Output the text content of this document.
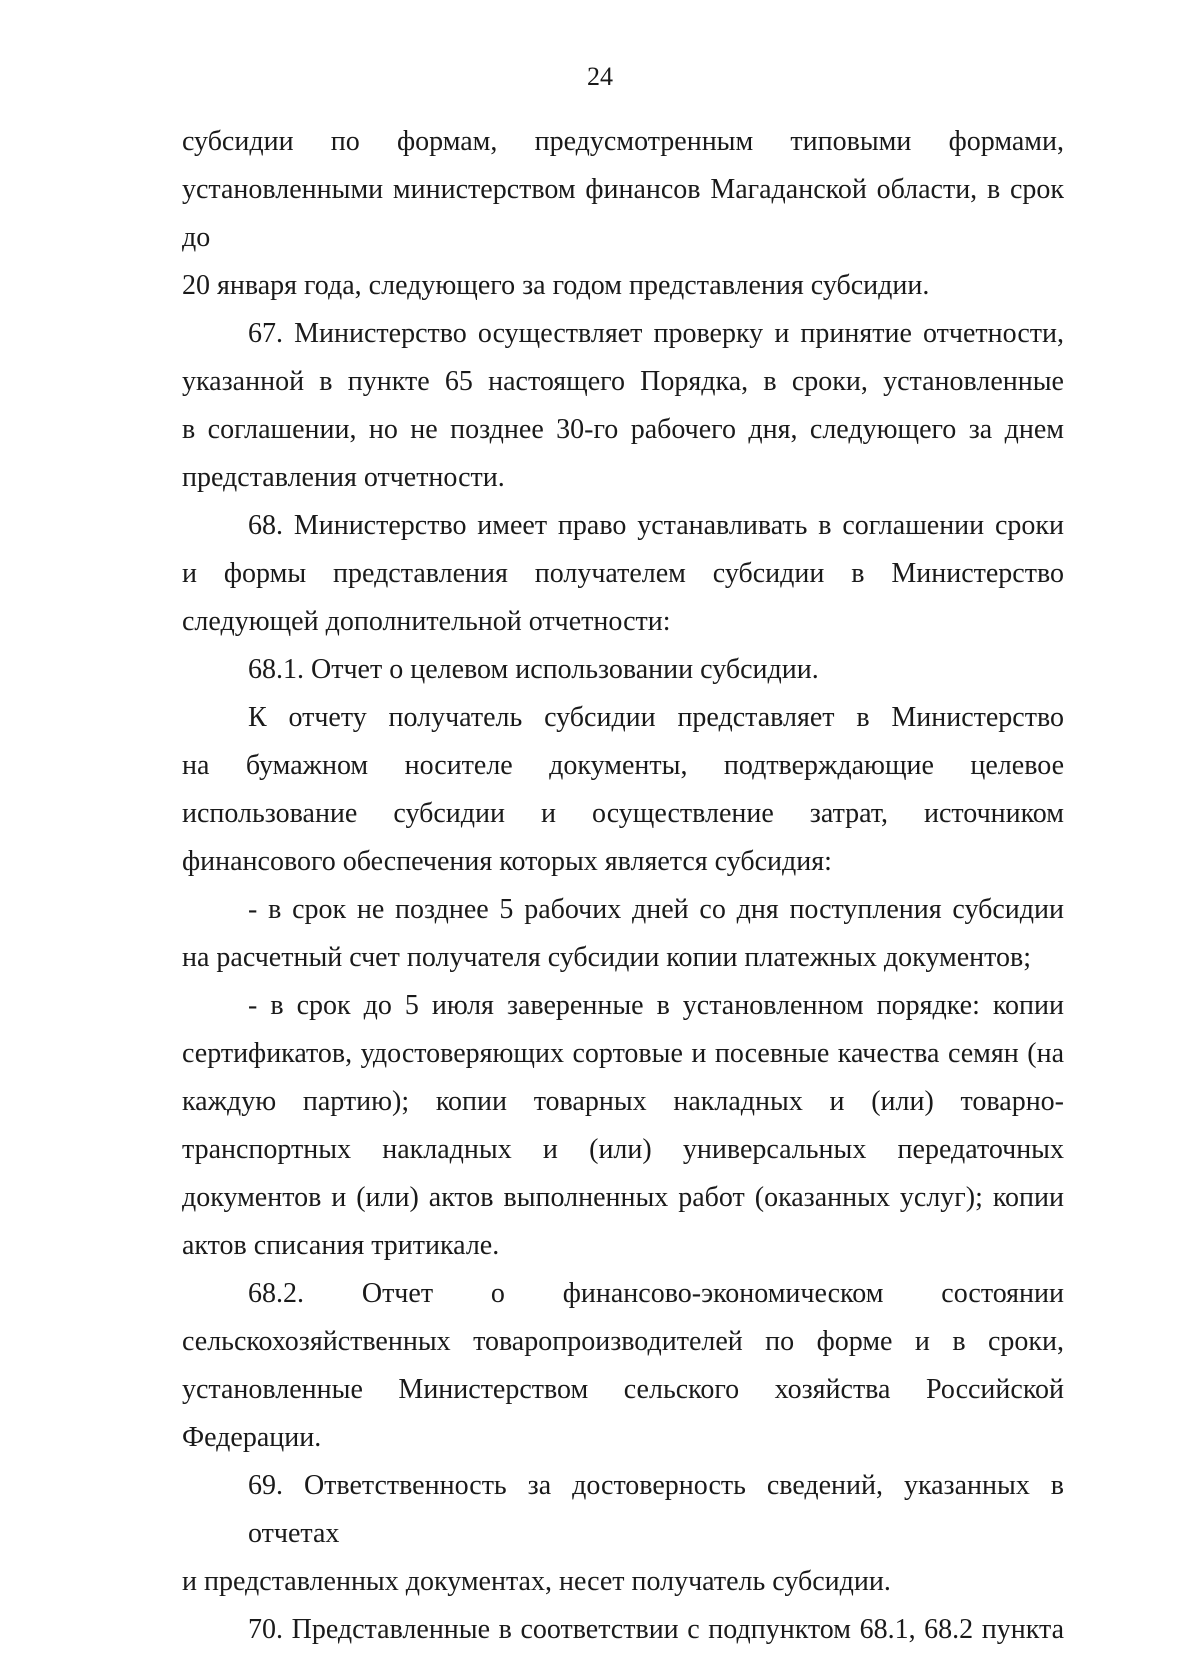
24
субсидии по формам, предусмотренным типовыми формами,
установленными министерством финансов Магаданской области, в срок до
20 января года, следующего за годом представления субсидии.
67. Министерство осуществляет проверку и принятие отчетности,
указанной в пункте 65 настоящего Порядка, в сроки, установленные
в соглашении, но не позднее 30-го рабочего дня, следующего за днем
представления отчетности.
68. Министерство имеет право устанавливать в соглашении сроки
и формы представления получателем субсидии в Министерство
следующей дополнительной отчетности:
68.1. Отчет о целевом использовании субсидии.
К отчету получатель субсидии представляет в Министерство
на бумажном носителе документы, подтверждающие целевое
использование субсидии и осуществление затрат, источником
финансового обеспечения которых является субсидия:
- в срок не позднее 5 рабочих дней со дня поступления субсидии
на расчетный счет получателя субсидии копии платежных документов;
- в срок до 5 июля заверенные в установленном порядке: копии
сертификатов, удостоверяющих сортовые и посевные качества семян (на
каждую партию); копии товарных накладных и (или) товарно-
транспортных накладных и (или) универсальных передаточных
документов и (или) актов выполненных работ (оказанных услуг); копии
актов списания тритикале.
68.2. Отчет о финансово-экономическом состоянии
сельскохозяйственных товаропроизводителей по форме и в сроки,
установленные Министерством сельского хозяйства Российской
Федерации.
69. Ответственность за достоверность сведений, указанных в отчетах
и представленных документах, несет получатель субсидии.
70. Представленные в соответствии с подпунктом 68.1, 68.2 пункта
